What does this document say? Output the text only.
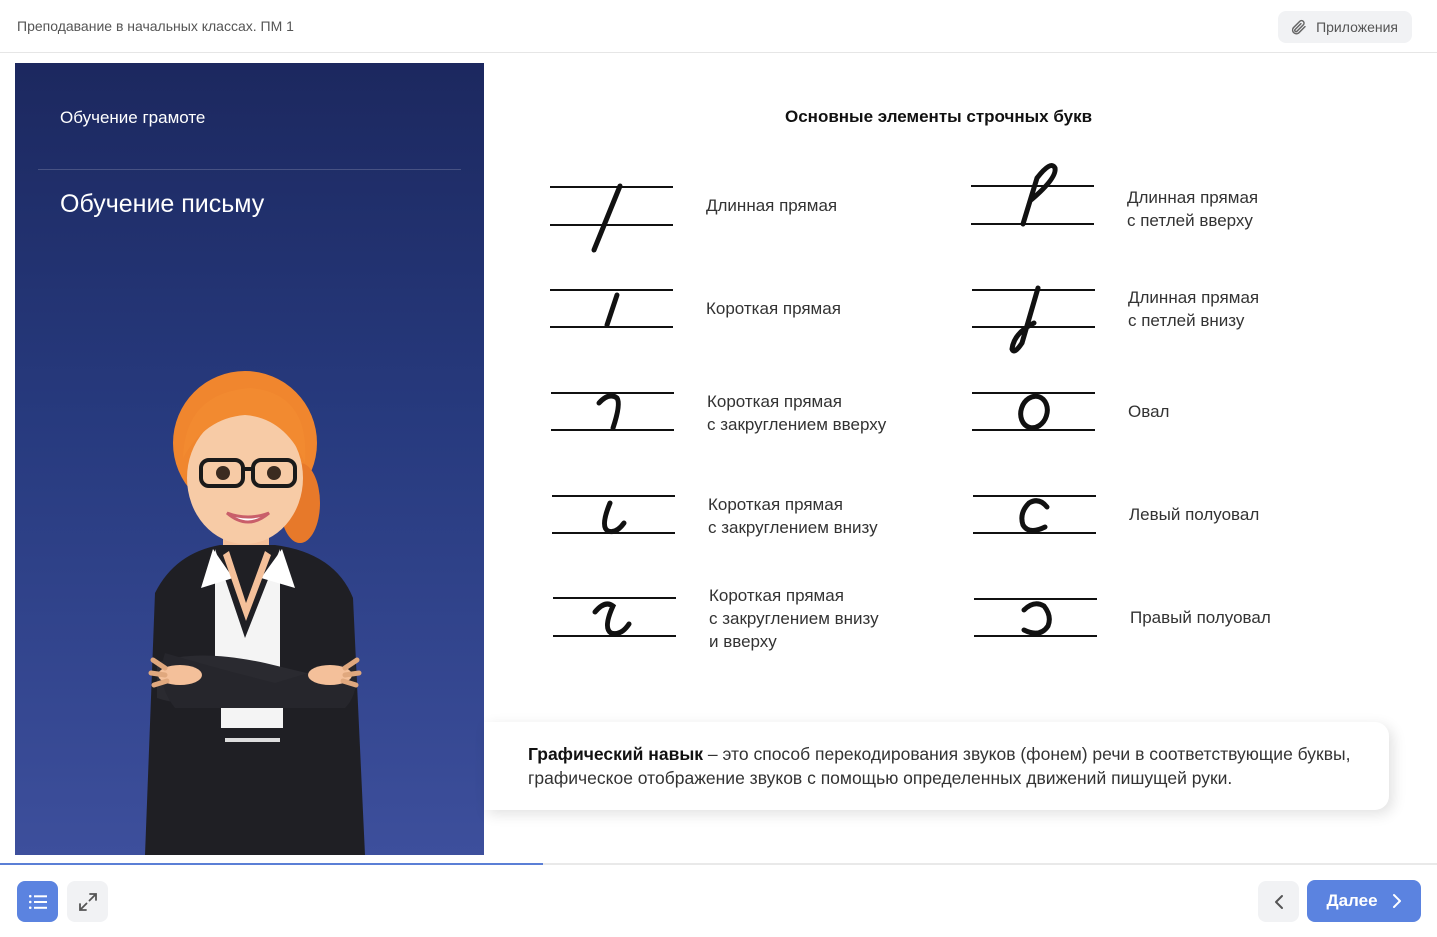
Преподавание в начальных классах. ПМ 1	Приложения
Обучение грамоте
Обучение письму
Основные элементы строчных букв
Длинная прямая
Короткая прямая
Короткая прямая
с закруглением вверху
Короткая прямая
с закруглением внизу
Короткая прямая
с закруглением внизу
и вверху
Длинная прямая
с петлей вверху
Длинная прямая
с петлей внизу
Овал
Левый полуовал
Правый полуовал
Графический навык – это способ перекодирования звуков (фонем) речи в соответствующие буквы, графическое отображение звуков с помощью определенных движений пишущей руки.
Далее
